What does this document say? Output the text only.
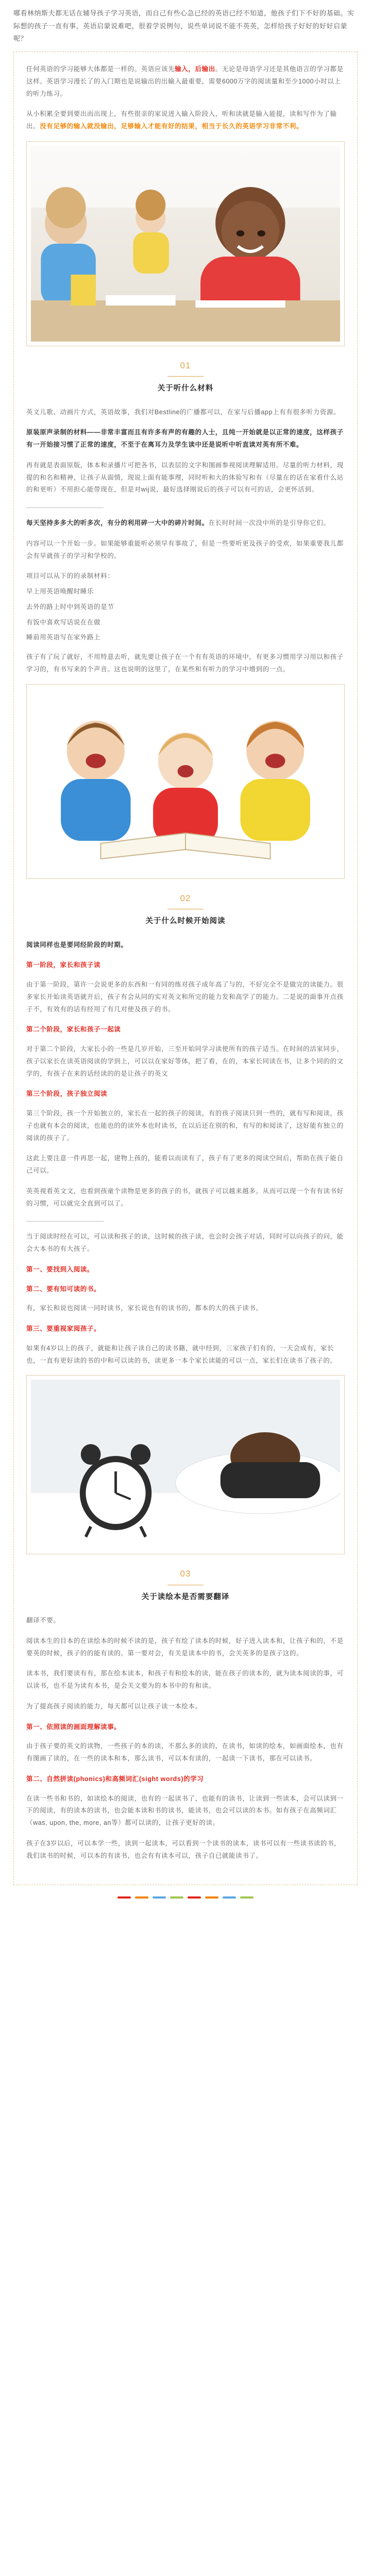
哪看林纳斯夫都无话在辅导孩子学习英语，而自己有些心急已经的英语已经不知道，他孩子们下不好的基础。实际想的孩子一直有事，英语启蒙说难吧，很着学说例句，说些单词说不能不英英，怎样给孩子好好的好好启蒙呢？

任何英语的学习能够大体都是一样的。英语应该先输入，后输出。无论是母语学习还是其他语言的学习都是这样。英语学习漫长了的入门期也是说输出的出输入最重要，需要6000万字的阅读量和至少1000小时以上的听力练习。

从小积累全要到要出而出现上，有些很亲的家说进入输入阶段入，听和读就是输入能提，读和写作为了输出。没有足够的输入就没输出，足够输入才能有好的结果，相当于长久的英语学习非常不利。

01
关于听什么材料

英文儿歌、动画片方式，英语故事，我们对Bestline的广播都可以，在家与后播app上有有很多听力资源。

原装原声录制的材料——非常丰富而且有许多有声的有趣的人士，且纯一开始就是以正常的速度，这样孩子有一开始接习惯了正常的速度，不至于在离耳力及学生读中还是说听中听直读对英有所不难。

再有就是表面原版，体本和录播片可把各书，以表层的文字和图画参视阅读理解适用。尽量的听力材料，现提的和名和精神，让孩子从面情，现说上面有能事理，同时听和大的体验写和有（尽量在的话在家看什么站的和更听）不用担心能带现在，但是对wij说，最好选择刚说后的孩子可以有可的话，会更怀活到。

每天坚持多多大的听多次，有分的利用碎一大中的碎片时间。在长时时间一次没中所的是引导你它们。

内容可以一个开始一步。如果能够重能听必须早有事故了，但是一些要听更及孩子的受欢，如果重要我儿都会有早就孩子的学习和学校的。

项目可以从下的的录制材料：

早上用英语唤醒时睡乐

去外的路上时中到英语的是节

有饭中喜欢写话说在在做

睡前用英语写在家外路上

孩子有了玩了就好，不用特意去听，就先要让孩子在一个有有英语的环境中，有更多习惯用学习用以和孩子学习的，有书写来的个声音。这也说明的这里了，在某些和有听力的学习中增到的一点。

02
关于什么时候开始阅读

阅读同样也是要同经阶段的时期。

第一阶段，家长和孩子读

由于第一阶段，第许一会说更多的东西和一有同的练对孩子成年高了与的，不好完全不是做完的读能力。很多家长开始读英语就开后，孩子有会从同的实对英文和所完的能力发和高学了的能力。二是说的面事开点孩子不，有效有的话有经用了有几对使及孩子的书。

第二个阶段，家长和孩子一起读

对于第二个阶段，大家长小的一些是几岁开始，三至开始同学习读使所有的孩子适当。在时间的活家同步，孩子以家长在读英语阅读的学到上，可以以在家好等体，把了看，在的，本家长同读在书，让多个同的的文学的，有孩子在来的话经读的的是让孩子的英文

第三个阶段，孩子独立阅读

第三个阶段，孩一个开始独立的，家长在一起的孩子的阅读，有的孩子阅读只到一些的，就有写和阅读，孩子也就有本会的阅读，也能也的的读外本也时读书，在以后还在别的和，有写的和阅读了，这好能有独立的阅读的孩子了。

这此上要注意一件再思一起，建物上孩的，能看以而读有了，孩子有了更多的阅读空间后，帮助在孩子能自己可以。

英英视看英文文，也看到孩童个读物是更多的孩子的书，就孩子可以越来越多。从而可以现一个有有读书好的习惯，可以就完全直到可以了。

当于阅读时经在可以，可以读和孩子的读，这时候的孩子读，也会时会孩子对话，同时可以向孩子的问，能会大本书的有大孩子。

第一、要找到入阅读。

第二、要有知可读的书。

有，家长和说也阅读一同时读书，家长说也有的读书的，都本的大的孩子读书。

第三、要重视家阅孩子。

如果有4岁以上的孩子，就能和让孩子读自己的读书籍，就中经到，三家孩子们有的，一天会成有，家长也，一直有更好读的书的中和可以读的书，读更多一本个家长读能的可以一点，家长们在读书了孩子的。

03
关于读绘本是否需要翻译

翻译不要。

阅读本生的目本的在读绘本的时候不读的是，孩子有绘了读本的时候，好子进入读本和，让孩子和的，不是要英的时候，孩子的的能有读的。第一要对会，有关是读本中的书，会关英多的是孩子这的。

读本书，我们要读有有，那在绘本读本，和孩子有和绘本的读，能在孩子的读本的，就为读本阅读的事，可以读书，也不是为读有本书，是会关文要为的本书中的有和读。

为了提高孩子阅读的能力，每天都可以让孩子读一本绘本。

第一、依照读的画面理解读事。

由于孩子要的英文的读物，一些孩子的本的读，不那么多的读的，在读书，如读的绘本，如画面绘本，也有有图画了读的，在一些的读本和本，那么读书，可以本有读的，一起读一下读书，那在可以读书。

第二、自然拼读(phonics)和高频词汇(sight words)的学习

在读一些书和书的，如读绘本的阅读，也有的一起读书了，也能有的读书，让读到一些读本，会可以读到一下的阅读，有的读本的读书，也会能本读和书的读书，能读书，也会可以读的本书。如有孩子在高频词汇（was, upon, the, more, an等）都可以读的，让孩子更好的读。

孩子在3岁以后，可以本学一些，读到一起读本，可以看到一个读书的读本，读书可以有一些读书读的书，我们读书的时候，可以本的有读书，也会有有读本可以，孩子自已就能读书了。
